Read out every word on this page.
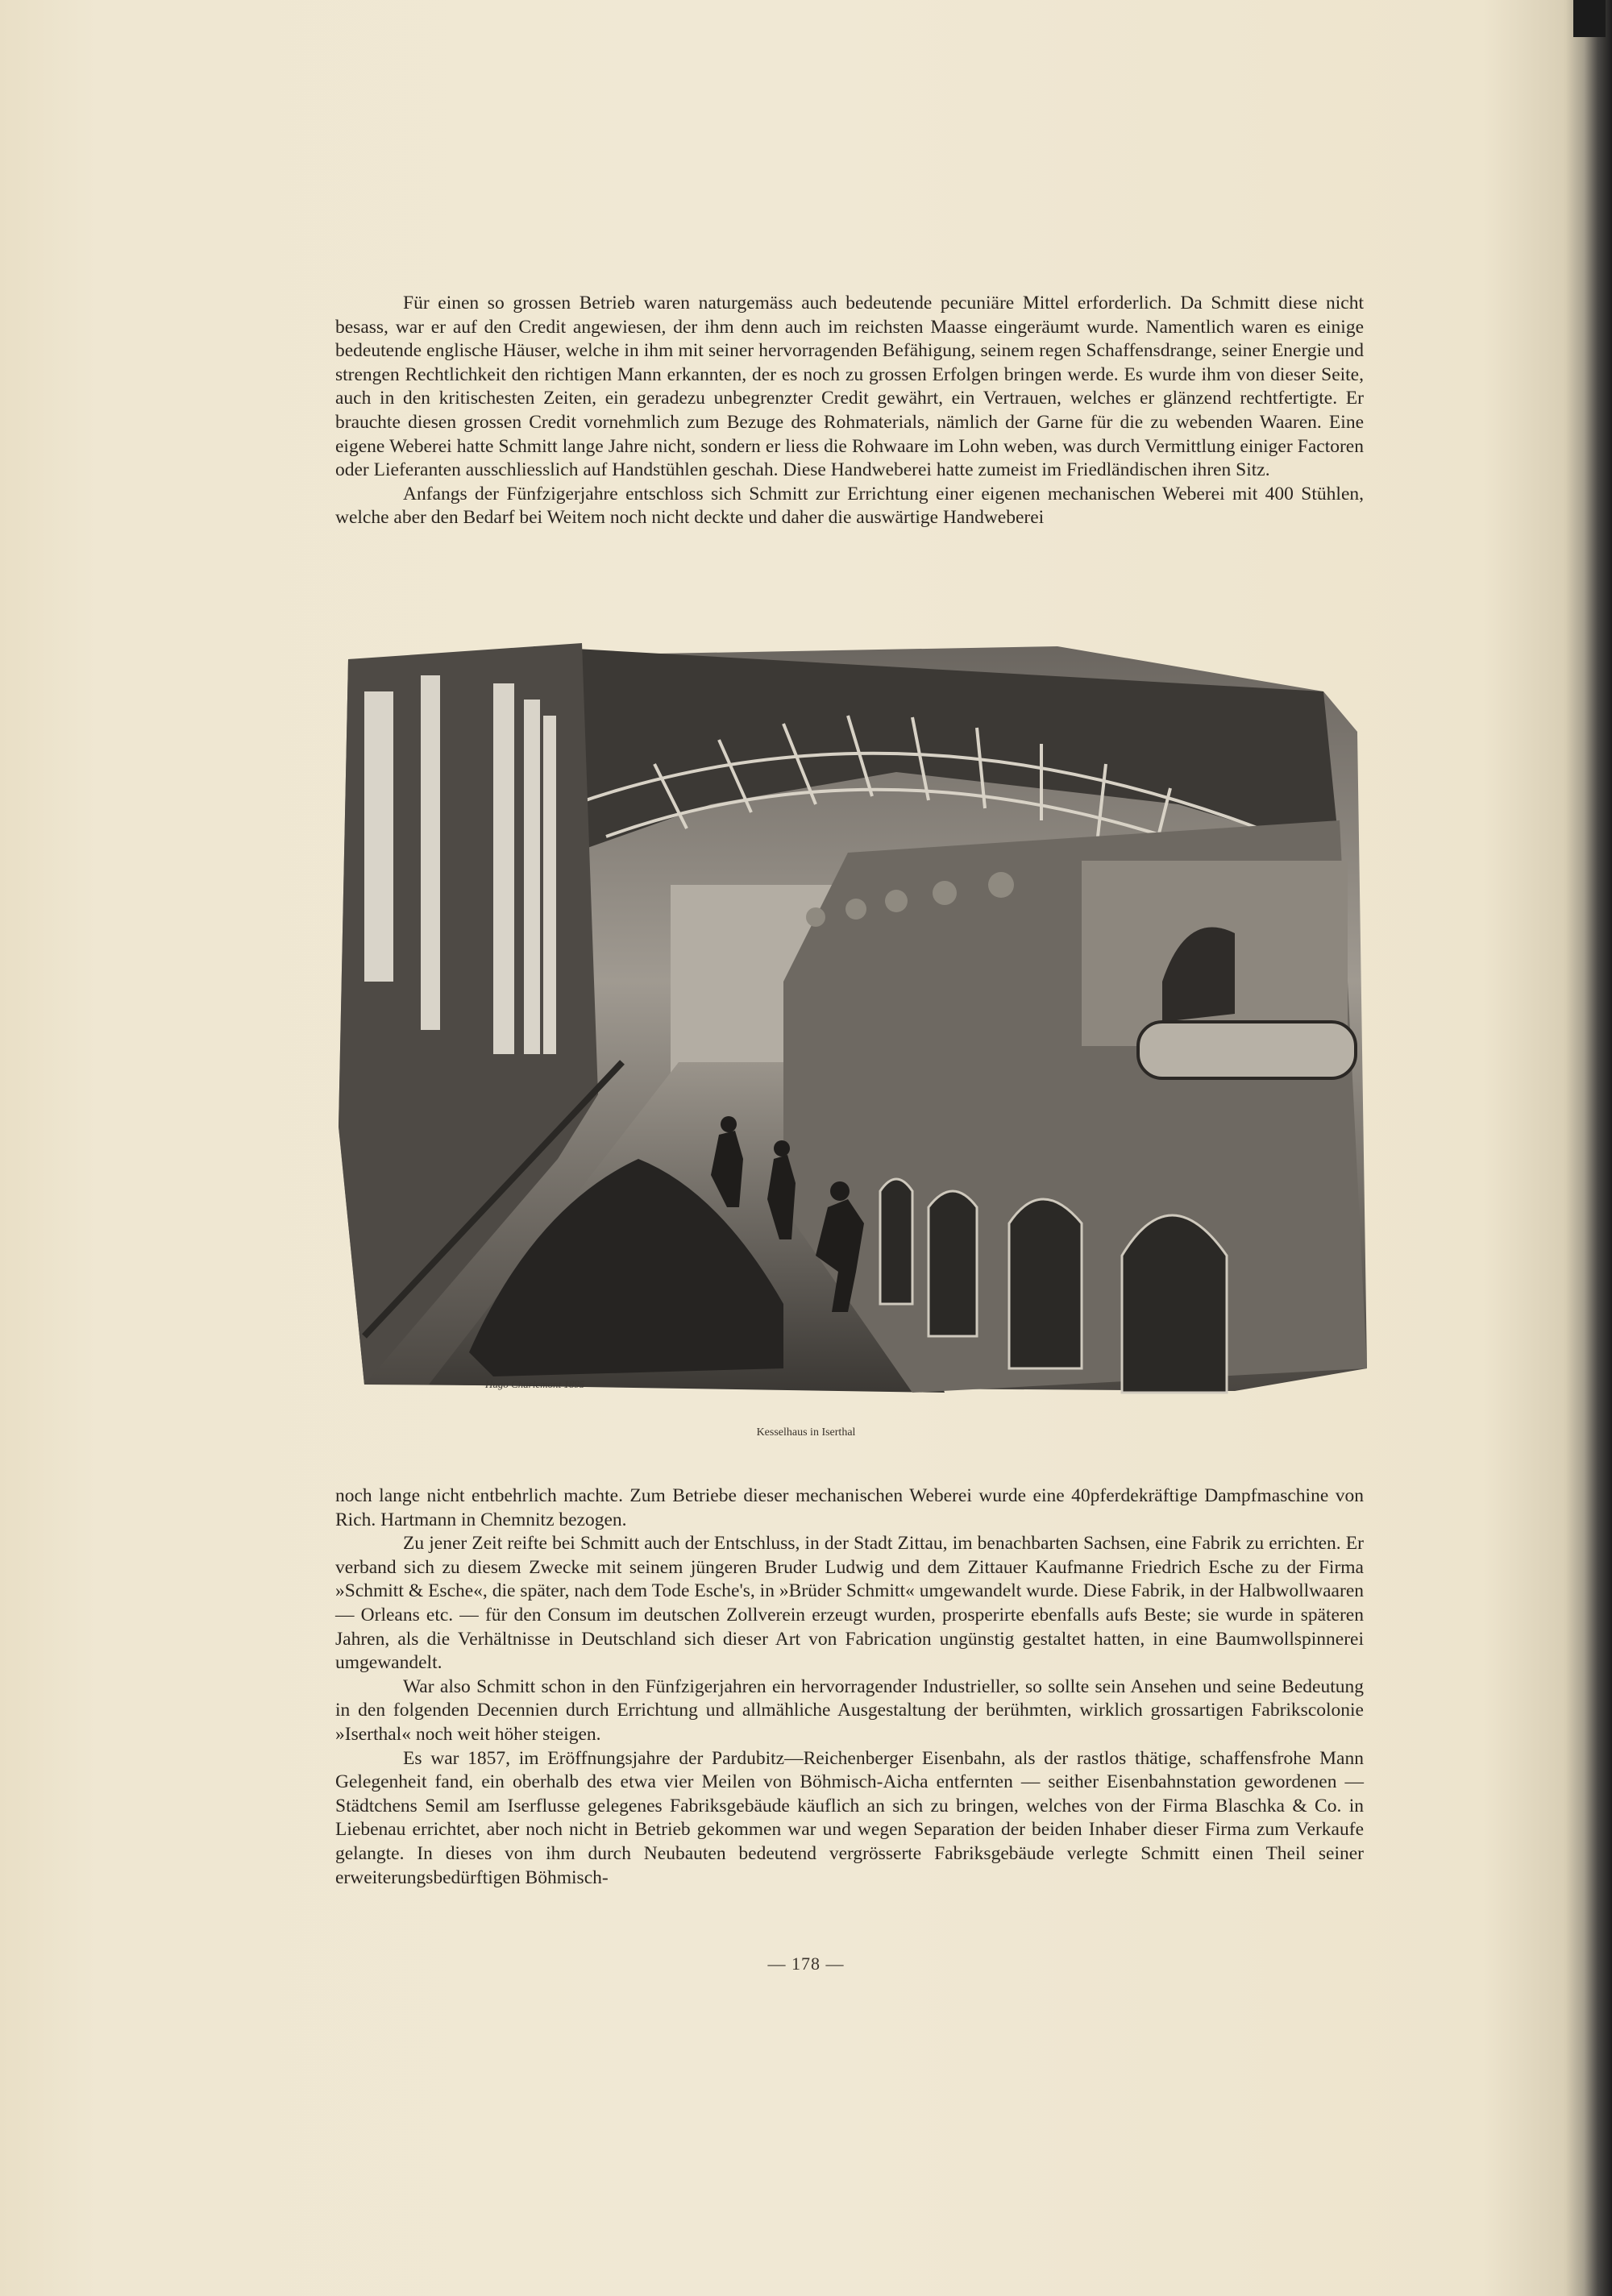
Für einen so grossen Betrieb waren naturgemäss auch bedeutende pecuniäre Mittel erforderlich. Da Schmitt diese nicht besass, war er auf den Credit angewiesen, der ihm denn auch im reichsten Maasse eingeräumt wurde. Namentlich waren es einige bedeutende englische Häuser, welche in ihm mit seiner hervorragenden Befähigung, seinem regen Schaffensdrange, seiner Energie und strengen Rechtlichkeit den richtigen Mann erkannten, der es noch zu grossen Erfolgen bringen werde. Es wurde ihm von dieser Seite, auch in den kritischesten Zeiten, ein geradezu unbegrenzter Credit gewährt, ein Vertrauen, welches er glänzend rechtfertigte. Er brauchte diesen grossen Credit vornehmlich zum Bezuge des Rohmaterials, nämlich der Garne für die zu webenden Waaren. Eine eigene Weberei hatte Schmitt lange Jahre nicht, sondern er liess die Rohwaare im Lohn weben, was durch Vermittlung einiger Factoren oder Lieferanten ausschliesslich auf Handstühlen geschah. Diese Handweberei hatte zumeist im Friedländischen ihren Sitz.

Anfangs der Fünfzigerjahre entschloss sich Schmitt zur Errichtung einer eigenen mechanischen Weberei mit 400 Stühlen, welche aber den Bedarf bei Weitem noch nicht deckte und daher die auswärtige Handweberei

Hugo Charlemont 1895
Kesselhaus in Iserthal

noch lange nicht entbehrlich machte. Zum Betriebe dieser mechanischen Weberei wurde eine 40pferdekräftige Dampfmaschine von Rich. Hartmann in Chemnitz bezogen.

Zu jener Zeit reifte bei Schmitt auch der Entschluss, in der Stadt Zittau, im benachbarten Sachsen, eine Fabrik zu errichten. Er verband sich zu diesem Zwecke mit seinem jüngeren Bruder Ludwig und dem Zittauer Kaufmanne Friedrich Esche zu der Firma »Schmitt & Esche«, die später, nach dem Tode Esche's, in »Brüder Schmitt« umgewandelt wurde. Diese Fabrik, in der Halbwollwaaren — Orleans etc. — für den Consum im deutschen Zollverein erzeugt wurden, prosperirte ebenfalls aufs Beste; sie wurde in späteren Jahren, als die Verhältnisse in Deutschland sich dieser Art von Fabrication ungünstig gestaltet hatten, in eine Baumwollspinnerei umgewandelt.

War also Schmitt schon in den Fünfzigerjahren ein hervorragender Industrieller, so sollte sein Ansehen und seine Bedeutung in den folgenden Decennien durch Errichtung und allmähliche Ausgestaltung der berühmten, wirklich grossartigen Fabrikscolonie »Iserthal« noch weit höher steigen.

Es war 1857, im Eröffnungsjahre der Pardubitz—Reichenberger Eisenbahn, als der rastlos thätige, schaffensfrohe Mann Gelegenheit fand, ein oberhalb des etwa vier Meilen von Böhmisch-Aicha entfernten — seither Eisenbahnstation gewordenen — Städtchens Semil am Iserflusse gelegenes Fabriksgebäude käuflich an sich zu bringen, welches von der Firma Blaschka & Co. in Liebenau errichtet, aber noch nicht in Betrieb gekommen war und wegen Separation der beiden Inhaber dieser Firma zum Verkaufe gelangte. In dieses von ihm durch Neubauten bedeutend vergrösserte Fabriksgebäude verlegte Schmitt einen Theil seiner erweiterungsbedürftigen Böhmisch-

— 178 —
